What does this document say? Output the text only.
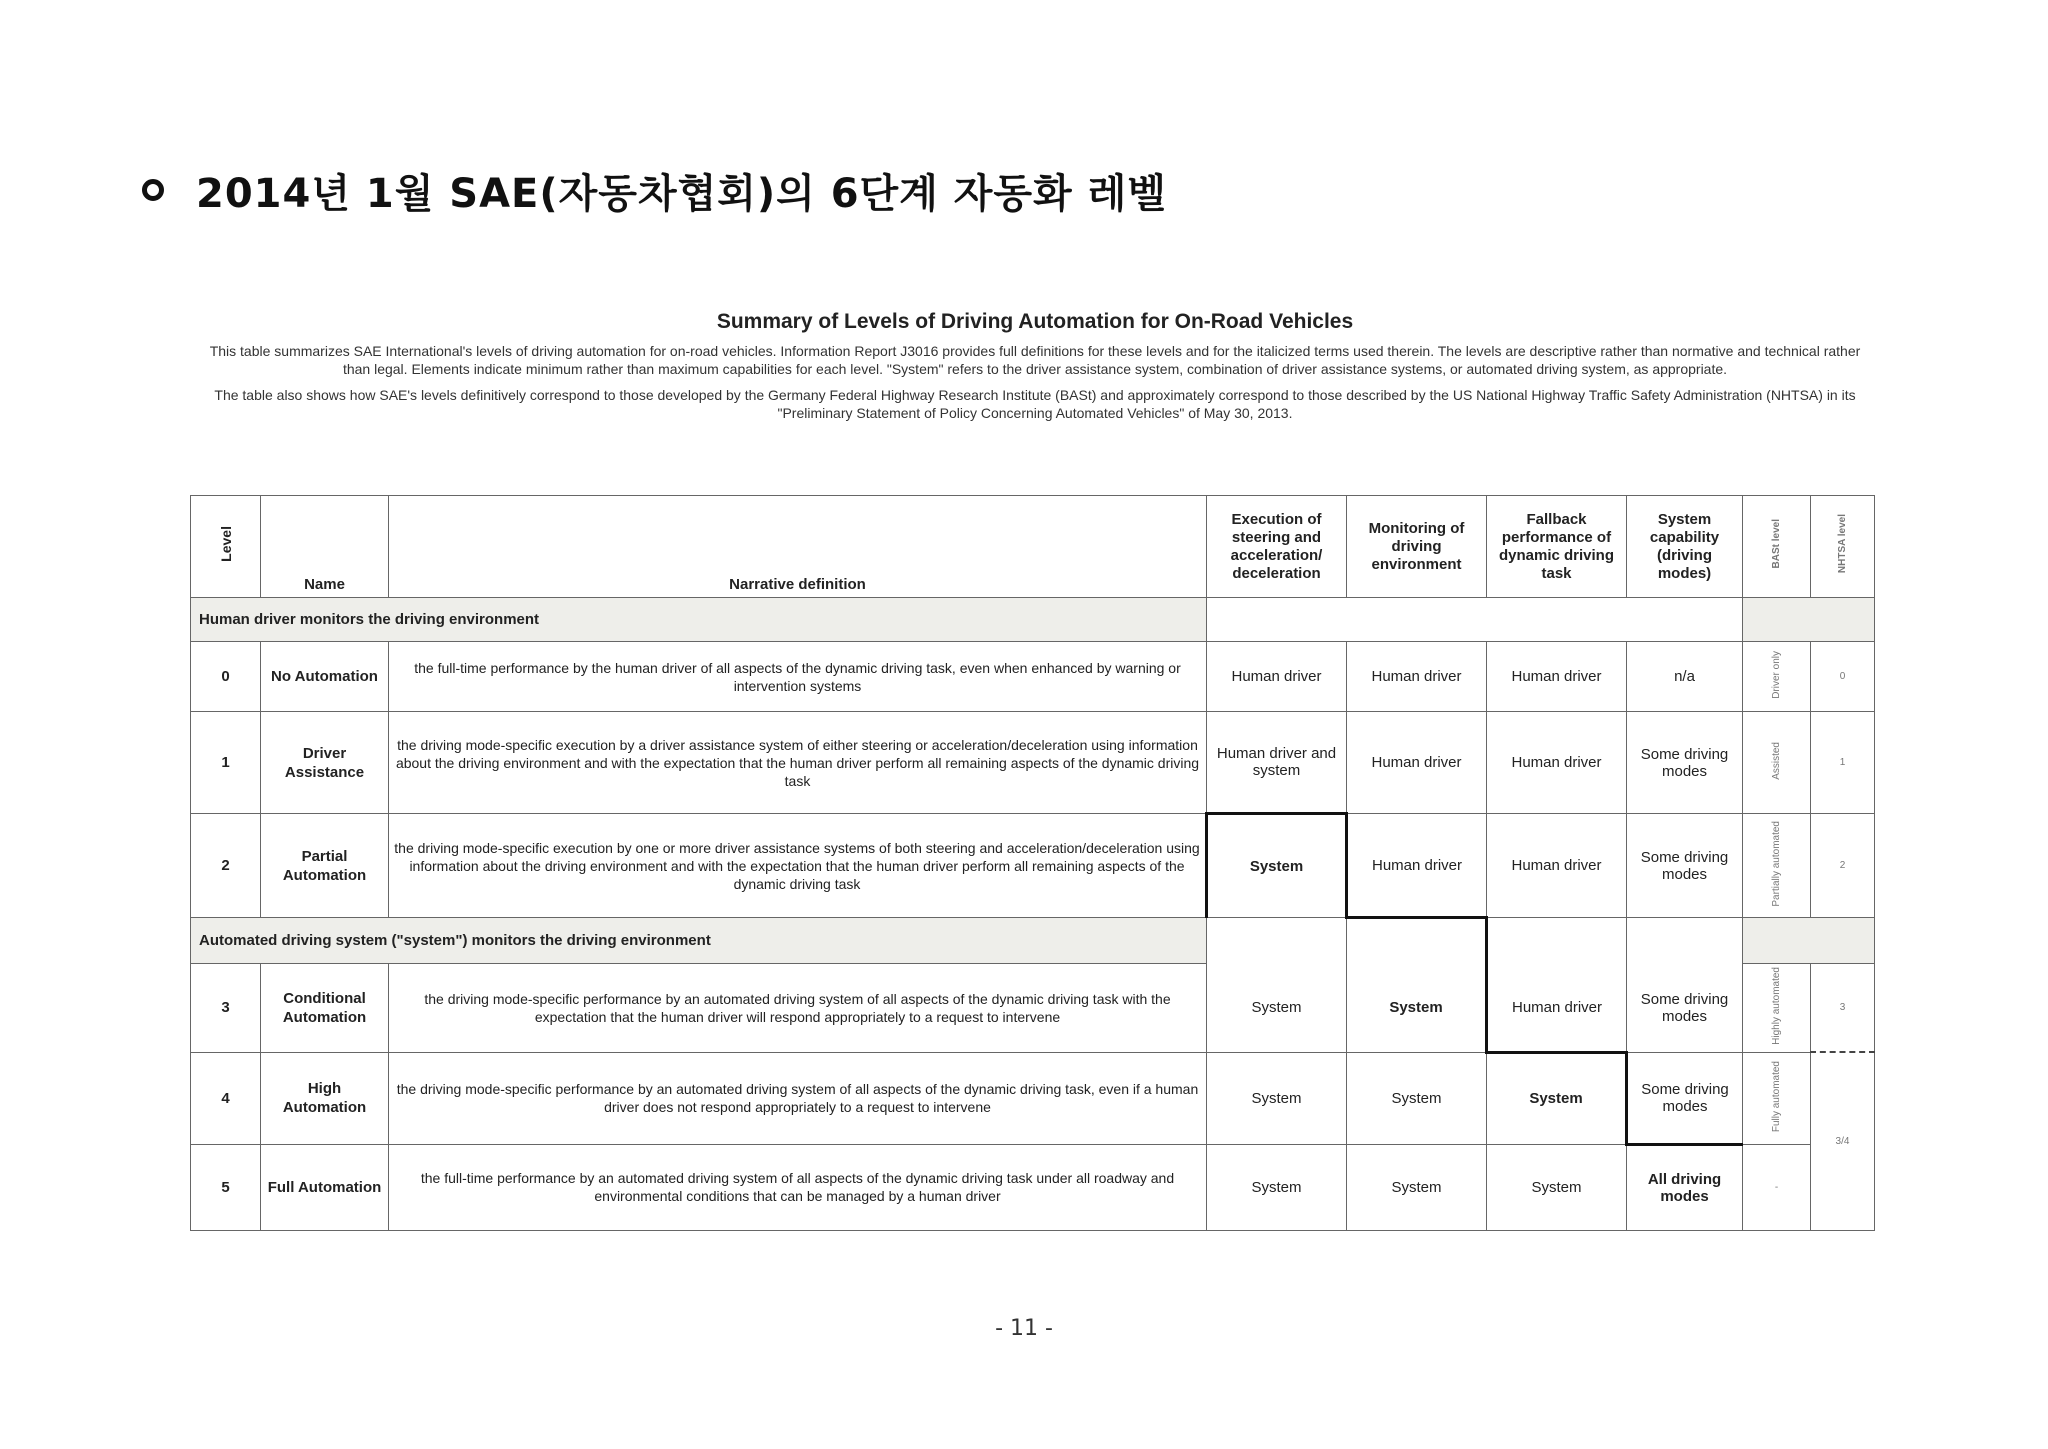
2014년 1월 SAE(자동차협회)의 6단계 자동화 레벨
Summary of Levels of Driving Automation for On-Road Vehicles
This table summarizes SAE International's levels of driving automation for on-road vehicles. Information Report J3016 provides full definitions for these levels and for the italicized terms used therein. The levels are descriptive rather than normative and technical rather than legal. Elements indicate minimum rather than maximum capabilities for each level. "System" refers to the driver assistance system, combination of driver assistance systems, or automated driving system, as appropriate.
The table also shows how SAE's levels definitively correspond to those developed by the Germany Federal Highway Research Institute (BASt) and approximately correspond to those described by the US National Highway Traffic Safety Administration (NHTSA) in its "Preliminary Statement of Policy Concerning Automated Vehicles" of May 30, 2013.
Level	Name	Narrative definition	Execution of steering and acceleration/ deceleration	Monitoring of driving environment	Fallback performance of dynamic driving task	System capability (driving modes)	BASt level	NHTSA level
Human driver monitors the driving environment								
0	No Automation	the full-time performance by the human driver of all aspects of the dynamic driving task, even when enhanced by warning or intervention systems	Human driver	Human driver	Human driver	n/a	Driver only	0
1	Driver Assistance	the driving mode-specific execution by a driver assistance system of either steering or acceleration/deceleration using information about the driving environment and with the expectation that the human driver perform all remaining aspects of the dynamic driving task	Human driver and system	Human driver	Human driver	Some driving modes	Assisted	1
2	Partial Automation	the driving mode-specific execution by one or more driver assistance systems of both steering and acceleration/deceleration using information about the driving environment and with the expectation that the human driver perform all remaining aspects of the dynamic driving task	System	Human driver	Human driver	Some driving modes	Partially automated	2
Automated driving system ("system") monitors the driving environment								
3	Conditional Automation	the driving mode-specific performance by an automated driving system of all aspects of the dynamic driving task with the expectation that the human driver will respond appropriately to a request to intervene	System	System	Human driver	Some driving modes	Highly automated	3
4	High Automation	the driving mode-specific performance by an automated driving system of all aspects of the dynamic driving task, even if a human driver does not respond appropriately to a request to intervene	System	System	System	Some driving modes	Fully automated	3/4
5	Full Automation	the full-time performance by an automated driving system of all aspects of the dynamic driving task under all roadway and environmental conditions that can be managed by a human driver	System	System	System	All driving modes	-	
- 11 -
